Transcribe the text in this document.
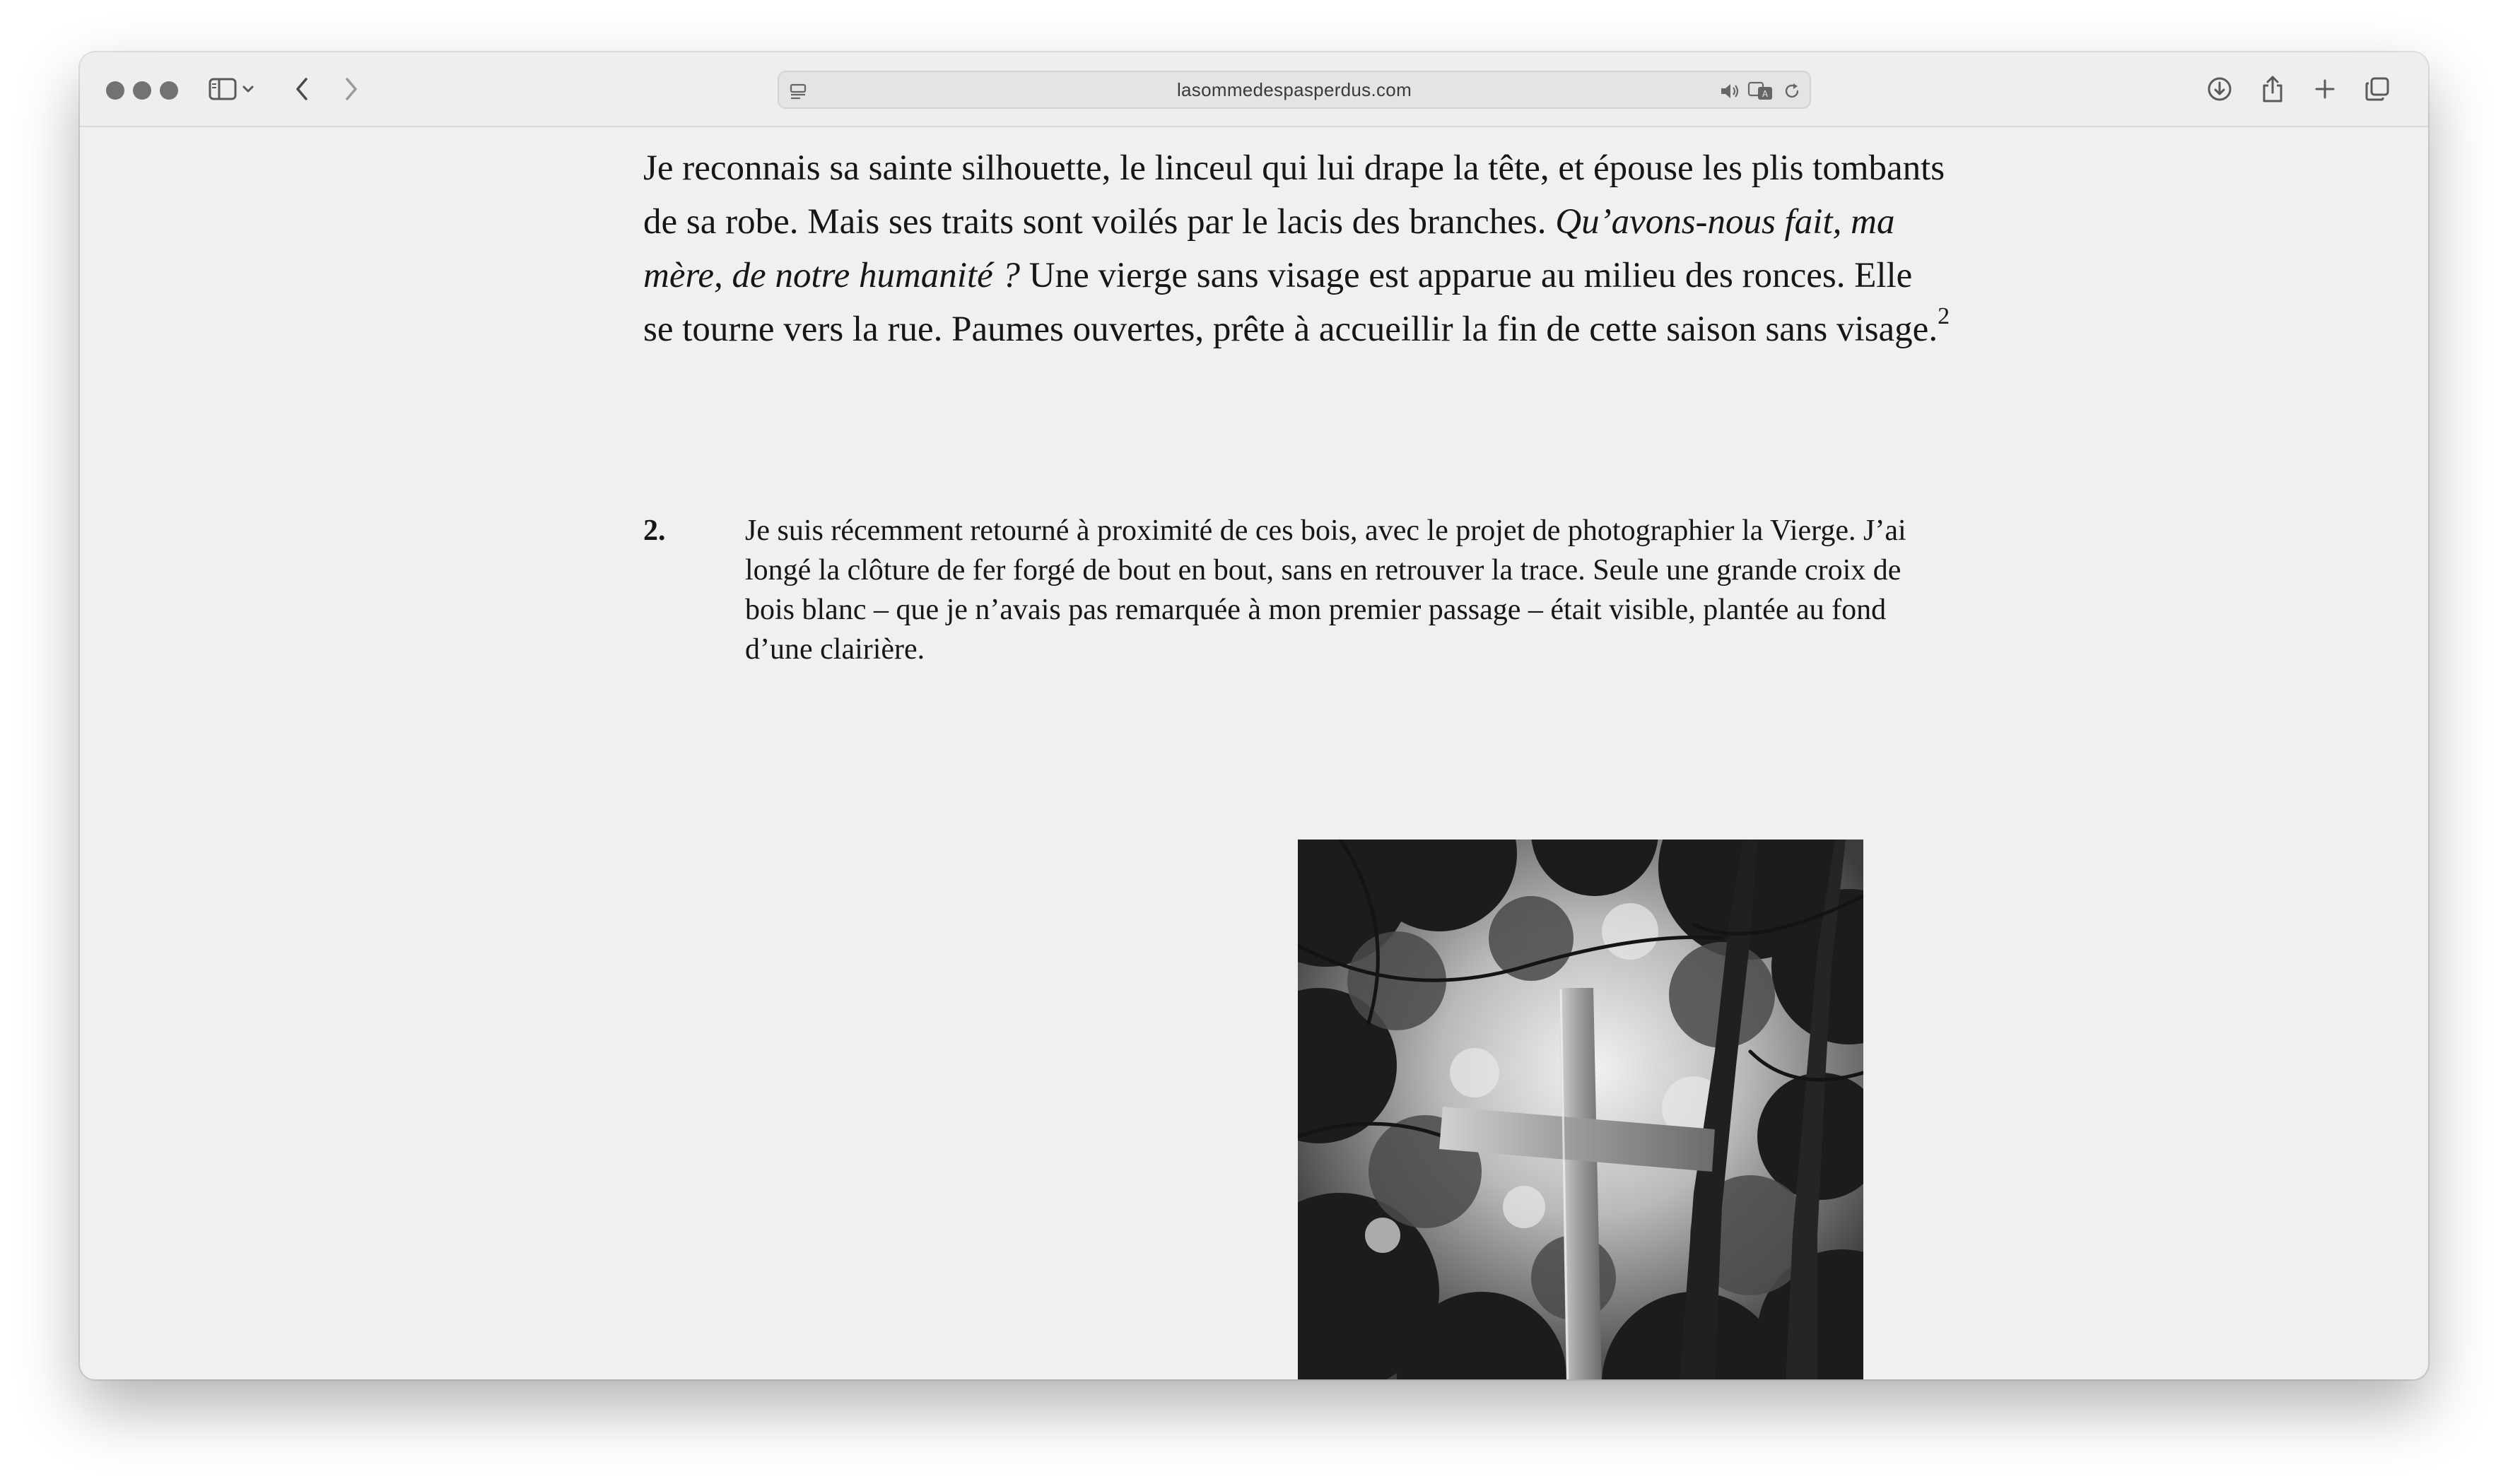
lasommedespasperdus.com	A

Je reconnais sa sainte silhouette, le linceul qui lui drape la tête, et épouse les plis tombants de sa robe. Mais ses traits sont voilés par le lacis des branches. Qu’avons-nous fait, ma mère, de notre humanité ? Une vierge sans visage est apparue au milieu des ronces. Elle se tourne vers la rue. Paumes ouvertes, prête à accueillir la fin de cette saison sans visage.$^2$

2.	Je suis récemment retourné à proximité de ces bois, avec le projet de photographier la Vierge. J’ai longé la clôture de fer forgé de bout en bout, sans en retrouver la trace. Seule une grande croix de bois blanc – que je n’avais pas remarquée à mon premier passage – était visible, plantée au fond d’une clairière.
